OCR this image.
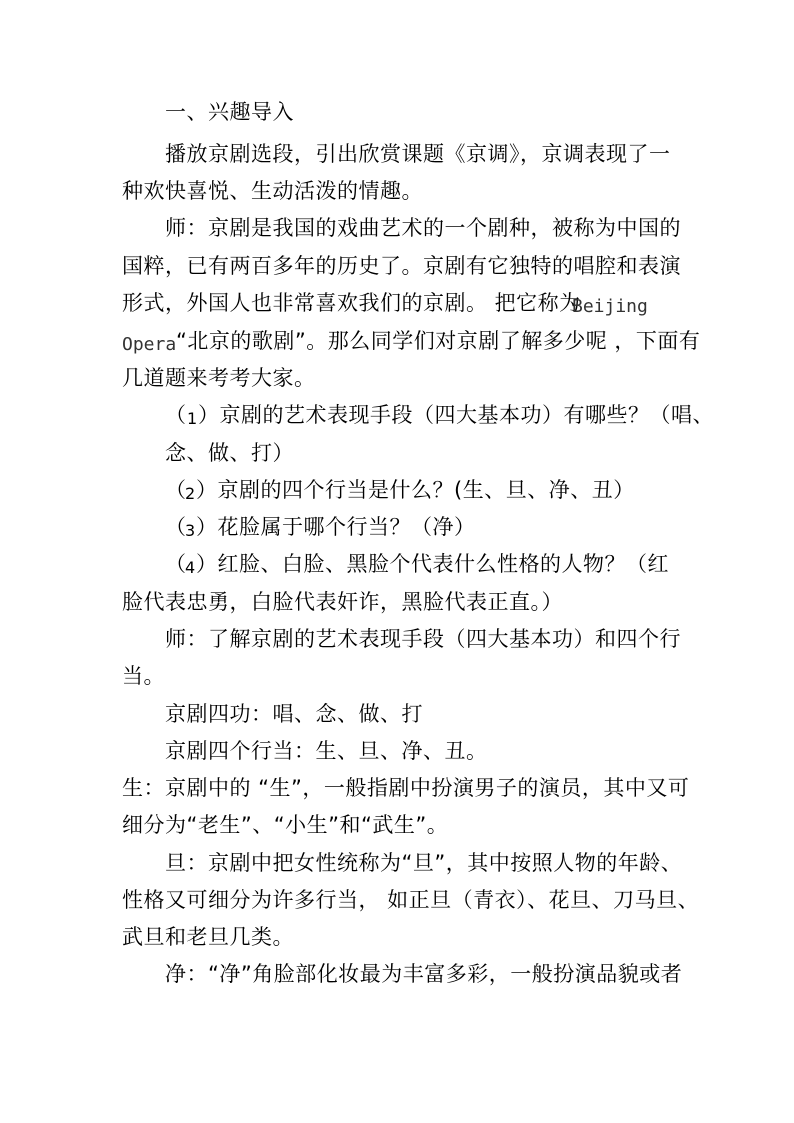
一、兴趣导入
播放京剧选段，引出欣赏课题《京调》，京调表现了一
种欢快喜悦、生动活泼的情趣。
师：京剧是我国的戏曲艺术的一个剧种，被称为中国的
国粹，已有两百多年的历史了。京剧有它独特的唱腔和表演
形式，外国人也非常喜欢我们的京剧。 把它称为
Beijing
Opera “北京的歌剧”。那么同学们对京剧了解多少呢 ，下面有
几道题来考考大家。
（ 1 ）京剧的艺术表现手段（四大基本功）有哪些？（唱、
念、做、打）
（
2 ）京剧的四个行当是什么？(生、旦、净、丑）
（
3 ）花脸属于哪个行当？（净）
（
4 ）红脸、白脸、黑脸个代表什么性格的人物？（红
脸代表忠勇，白脸代表奸诈，黑脸代表正直。）
师：了解京剧的艺术表现手段（四大基本功）和四个行
当。
京剧四功：唱、念、做、打
京剧四个行当：生、旦、净、丑。
生：京剧中的 “生”，一般指剧中扮演男子的演员，其中又可
细分为“老生”、“小生”和“武生”。
旦：京剧中把女性统称为“旦”，其中按照人物的年龄、
性格又可细分为许多行当， 如正旦（青衣）、花旦、刀马旦、
武旦和老旦几类。
净：“净”角脸部化妆最为丰富多彩，一般扮演品貌或者
